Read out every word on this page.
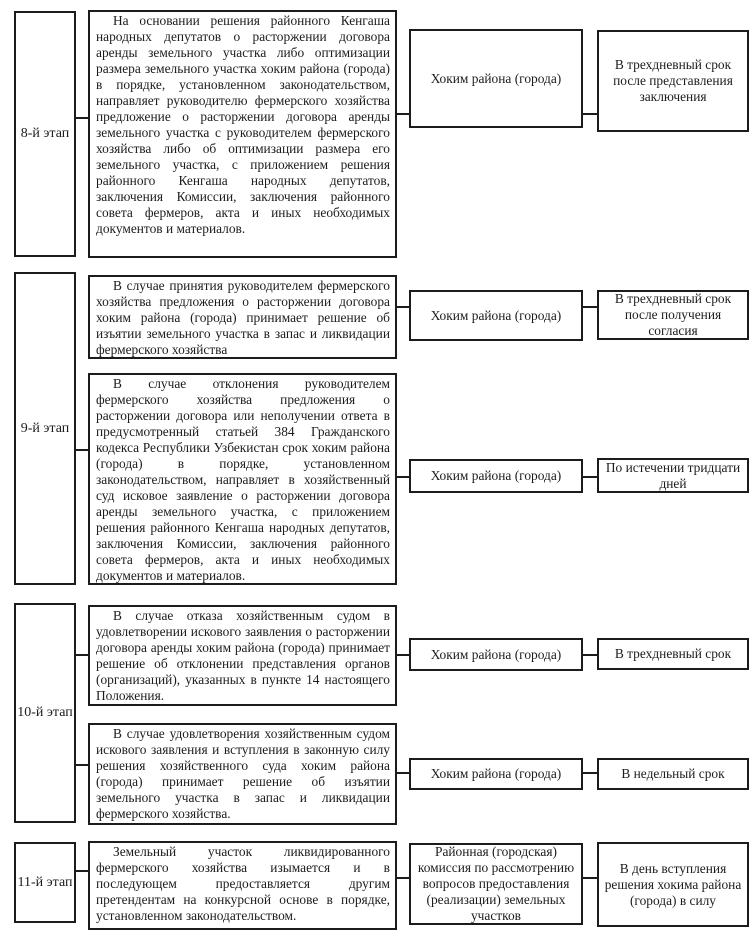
8-й этап

На основании решения районного Кенгаша народных депутатов о расторжении договора аренды земельного участка либо оптимизации размера земельного участка хоким района (города) в порядке, установленном законодательством, направляет руководителю фермерского хозяйства предложение о расторжении договора аренды земельного участка с руководителем фермерского хозяйства либо об оптимизации размера его земельного участка, с приложением решения районного Кенгаша народных депутатов, заключения Комиссии, заключения районного совета фермеров, акта и иных необходимых документов и материалов.

Хоким района (города)
В трехдневный срок после представления заключения
9-й этап

В случае принятия руководителем фермерского хозяйства предложения о расторжении договора хоким района (города) принимает решение об изъятии земельного участка в запас и ликвидации фермерского хозяйства

Хоким района (города)
В трехдневный срок после получения согласия

В случае отклонения руководителем фермерского хозяйства предложения о расторжении договора или неполучении ответа в предусмотренный статьей 384 Гражданского кодекса Республики Узбекистан срок хоким района (города) в порядке, установленном законодательством, направляет в хозяйственный суд исковое заявление о расторжении договора аренды земельного участка, с приложением решения районного Кенгаша народных депутатов, заключения Комиссии, заключения районного совета фермеров, акта и иных необходимых документов и материалов.

Хоким района (города)
По истечении тридцати дней
10-й этап

В случае отказа хозяйственным судом в удовлетворении искового заявления о расторжении договора аренды хоким района (города) принимает решение об отклонении представления органов (организаций), указанных в пункте 14 настоящего Положения.

Хоким района (города)	В трехдневный срок

В случае удовлетворения хозяйственным судом искового заявления и вступления в законную силу решения хозяйственного суда хоким района (города) принимает решение об изъятии земельного участка в запас и ликвидации фермерского хозяйства.

Хоким района (города)	В недельный срок
11-й этап

Земельный участок ликвидированного фермерского хозяйства изымается и в последующем предоставляется другим претендентам на конкурсной основе в порядке, установленном законодательством.

Районная (городская) комиссия по рассмотрению вопросов предоставления (реализации) земельных участков
В день вступления решения хокима района (города) в силу
